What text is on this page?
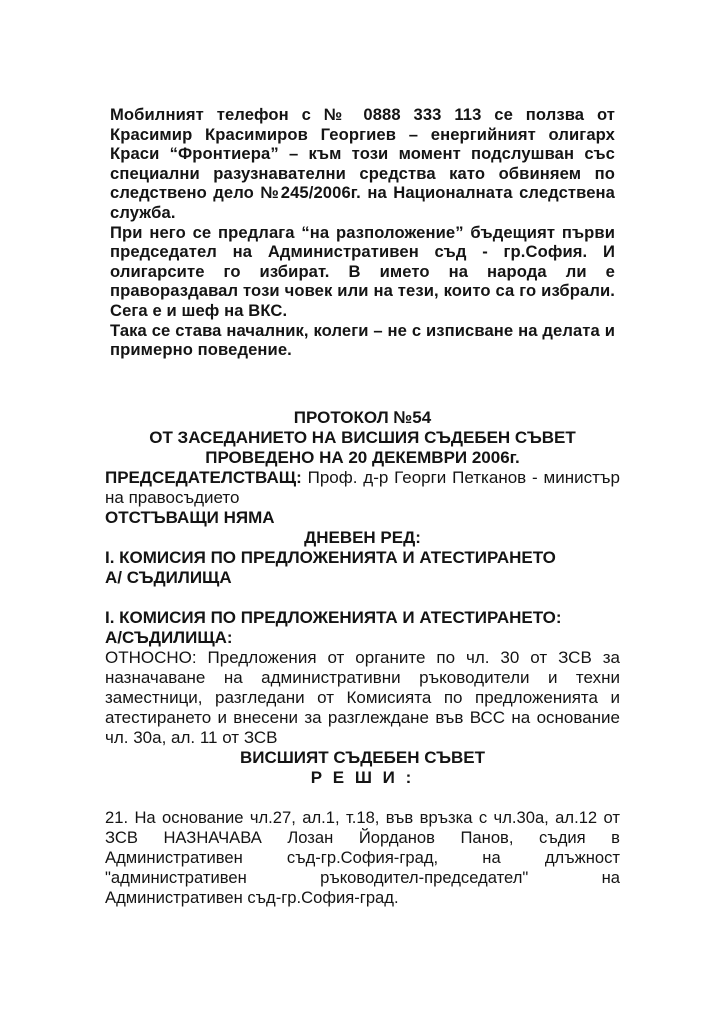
Мобилният телефон с № 0888 333 113 се ползва от Красимир Красимиров Георгиев – енергийният олигарх Краси “Фронтиера” – към този момент подслушван със специални разузнавателни средства като обвиняем по следствено дело №245/2006г. на Националната следствена служба.

При него се предлага “на разположение” бъдещият първи председател на Административен съд - гр.София. И олигарсите го избират. В името на народа ли е правораздавал този човек или на тези, които са го избрали. Сега е и шеф на ВКС.

Така се става началник, колеги – не с изписване на делата и примерно поведение.

ПРОТОКОЛ №54

ОТ ЗАСЕДАНИЕТО НА ВИСШИЯ СЪДЕБЕН СЪВЕТ

ПРОВЕДЕНО НА 20 ДЕКЕМВРИ 2006г.

ПРЕДСЕДАТЕЛСТВАЩ: Проф. д-р Георги Петканов - министър на правосъдието

ОТСТЪВАЩИ НЯМА

ДНЕВЕН РЕД:

I. КОМИСИЯ ПО ПРЕДЛОЖЕНИЯТА И АТЕСТИРАНЕТО

А/ СЪДИЛИЩА

I. КОМИСИЯ ПО ПРЕДЛОЖЕНИЯТА И АТЕСТИРАНЕТО:

А/СЪДИЛИЩА:

ОТНОСНО: Предложения от органите по чл. 30 от ЗСВ за назначаване на административни ръководители и техни заместници, разгледани от Комисията по предложенията и атестирането и внесени за разглеждане във ВСС на основание чл. 30а, ал. 11 от ЗСВ

ВИСШИЯТ СЪДЕБЕН СЪВЕТ

Р Е Ш И :

21. На основание чл.27, ал.1, т.18, във връзка с чл.30а, ал.12 от ЗСВ НАЗНАЧАВА Лозан Йорданов Панов, съдия в Административен съд-гр.София-град, на длъжност "административен ръководител-председател" на Административен съд-гр.София-град.
